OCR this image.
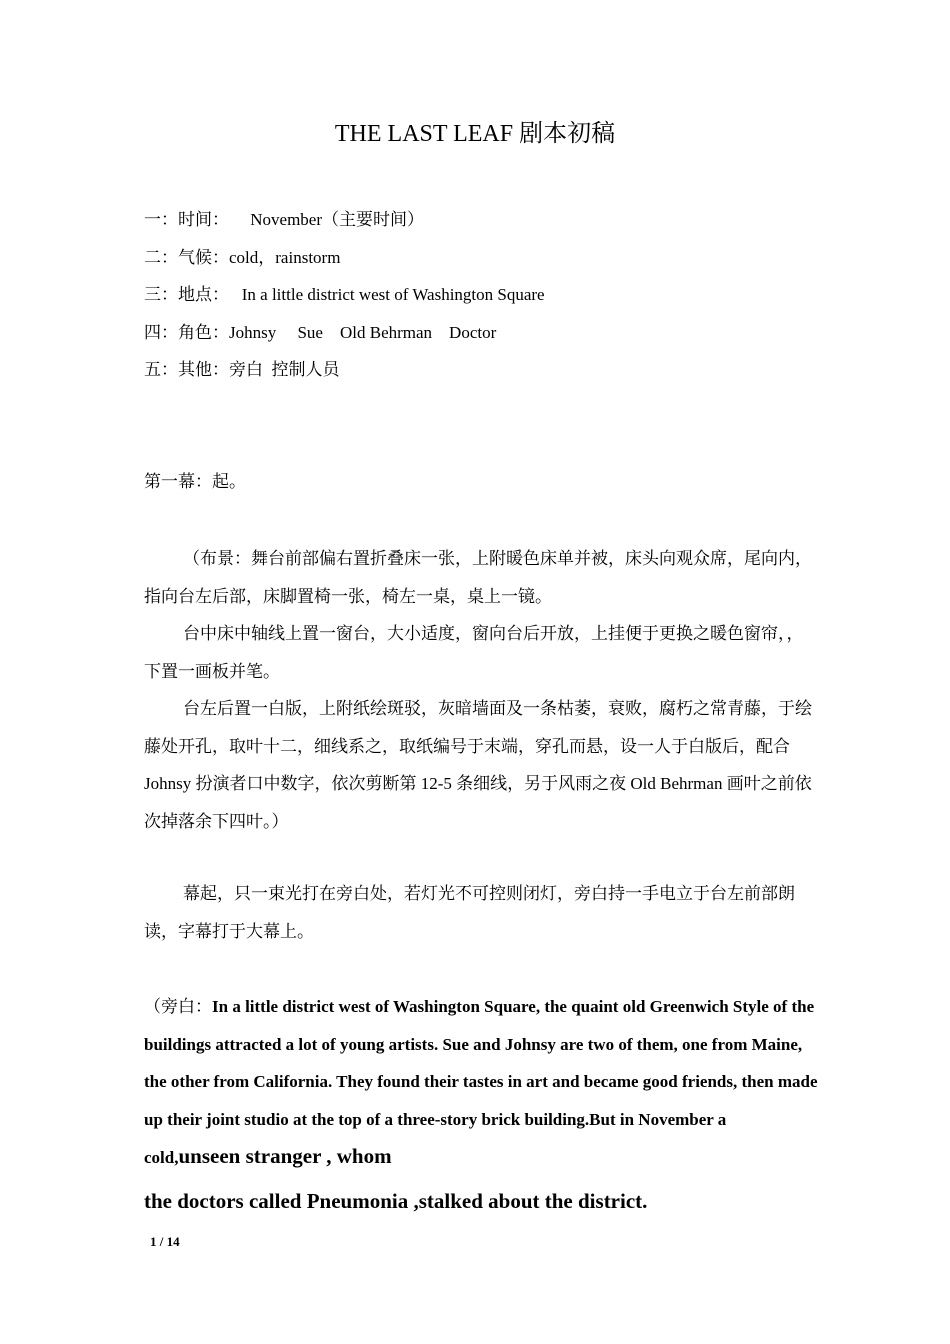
THE LAST LEAF 剧本初稿
一：时间：     November（主要时间）
二：气候：cold，rainstorm
三：地点：   In a little district west of Washington Square
四：角色：Johnsy     Sue    Old Behrman    Doctor
五：其他：旁白  控制人员
第一幕：起。

（布景：舞台前部偏右置折叠床一张，上附暖色床单并被，床头向观众席，尾向内，指向台左后部，床脚置椅一张，椅左一桌，桌上一镜。

台中床中轴线上置一窗台，大小适度，窗向台后开放，上挂便于更换之暖色窗帘，，下置一画板并笔。

台左后置一白版，上附纸绘斑驳，灰暗墙面及一条枯萎，衰败，腐朽之常青藤，于绘藤处开孔，取叶十二，细线系之，取纸编号于末端，穿孔而悬，设一人于白版后，配合 Johnsy 扮演者口中数字，依次剪断第 12-5 条细线，另于风雨之夜 Old Behrman 画叶之前依次掉落余下四叶。）

幕起，只一束光打在旁白处，若灯光不可控则闭灯，旁白持一手电立于台左前部朗读，字幕打于大幕上。

（旁白：In a little district west of Washington Square, the quaint old Greenwich Style of the buildings attracted a lot of young artists. Sue and Johnsy are two of them, one from Maine, the other from California. They found their tastes in art and became good friends, then made up their joint studio at the top of a three-story brick building.But in November a cold,unseen stranger , whom
the doctors called Pneumonia ,stalked about the district.
1 / 14
